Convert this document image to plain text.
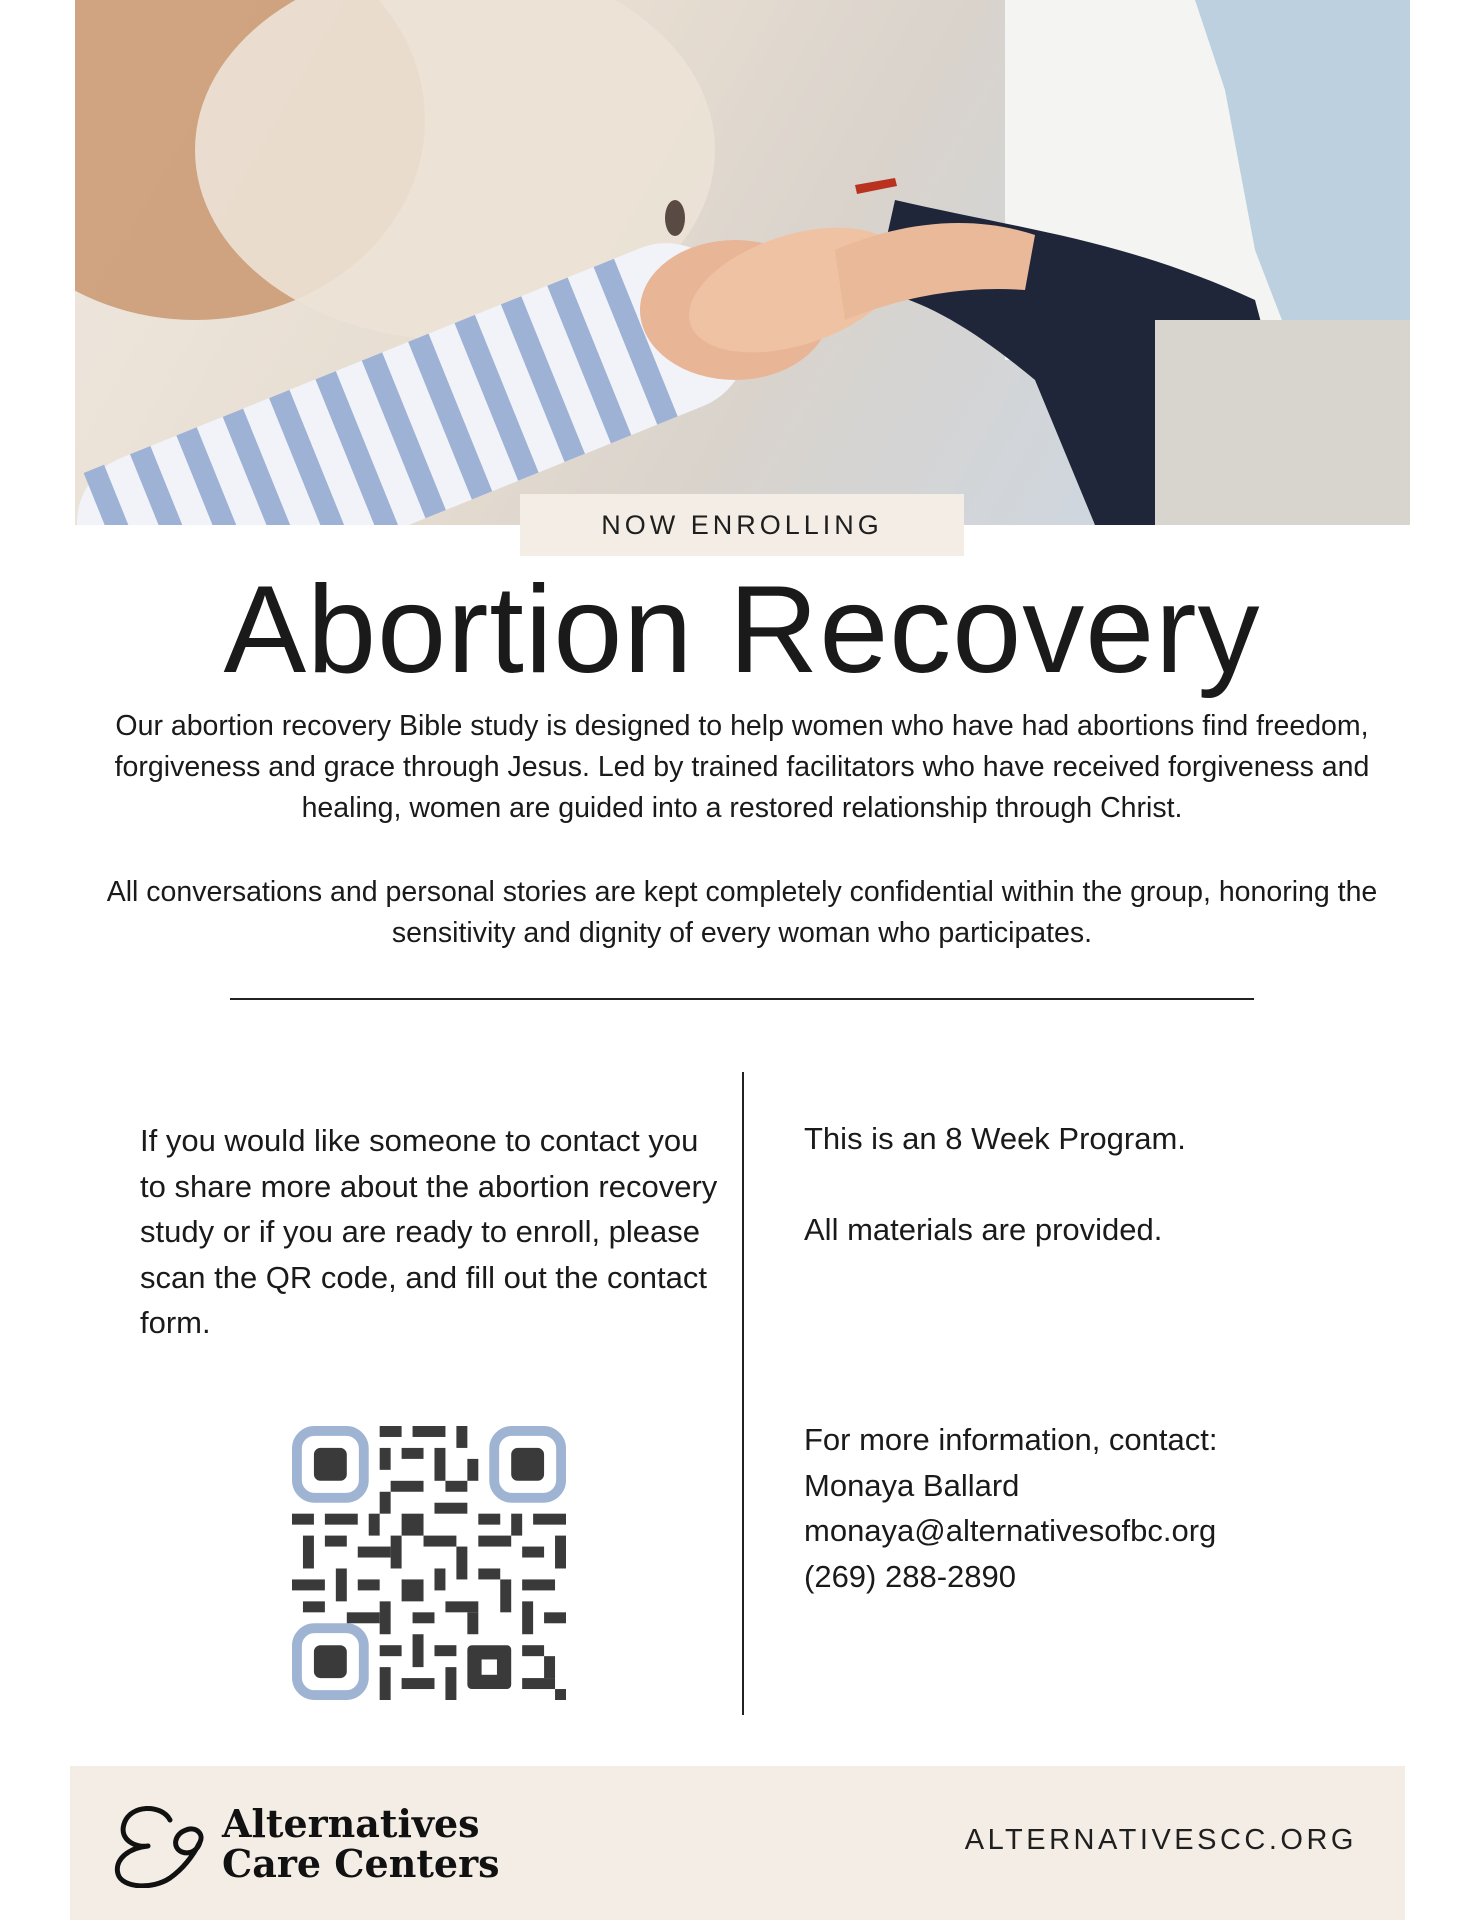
NOW ENROLLING
Abortion Recovery

Our abortion recovery Bible study is designed to help women who have had abortions find freedom, forgiveness and grace through Jesus. Led by trained facilitators who have received forgiveness and healing, women are guided into a restored relationship through Christ.

All conversations and personal stories are kept completely confidential within the group, honoring the sensitivity and dignity of every woman who participates.

If you would like someone to contact you to share more about the abortion recovery study or if you are ready to enroll, please scan the QR code, and fill out the contact form.

This is an 8 Week Program.

All materials are provided.

For more information, contact:
Monaya Ballard
monaya@alternativesofbc.org
(269) 288-2890
Alternatives
Care Centers
ALTERNATIVESCC.ORG
